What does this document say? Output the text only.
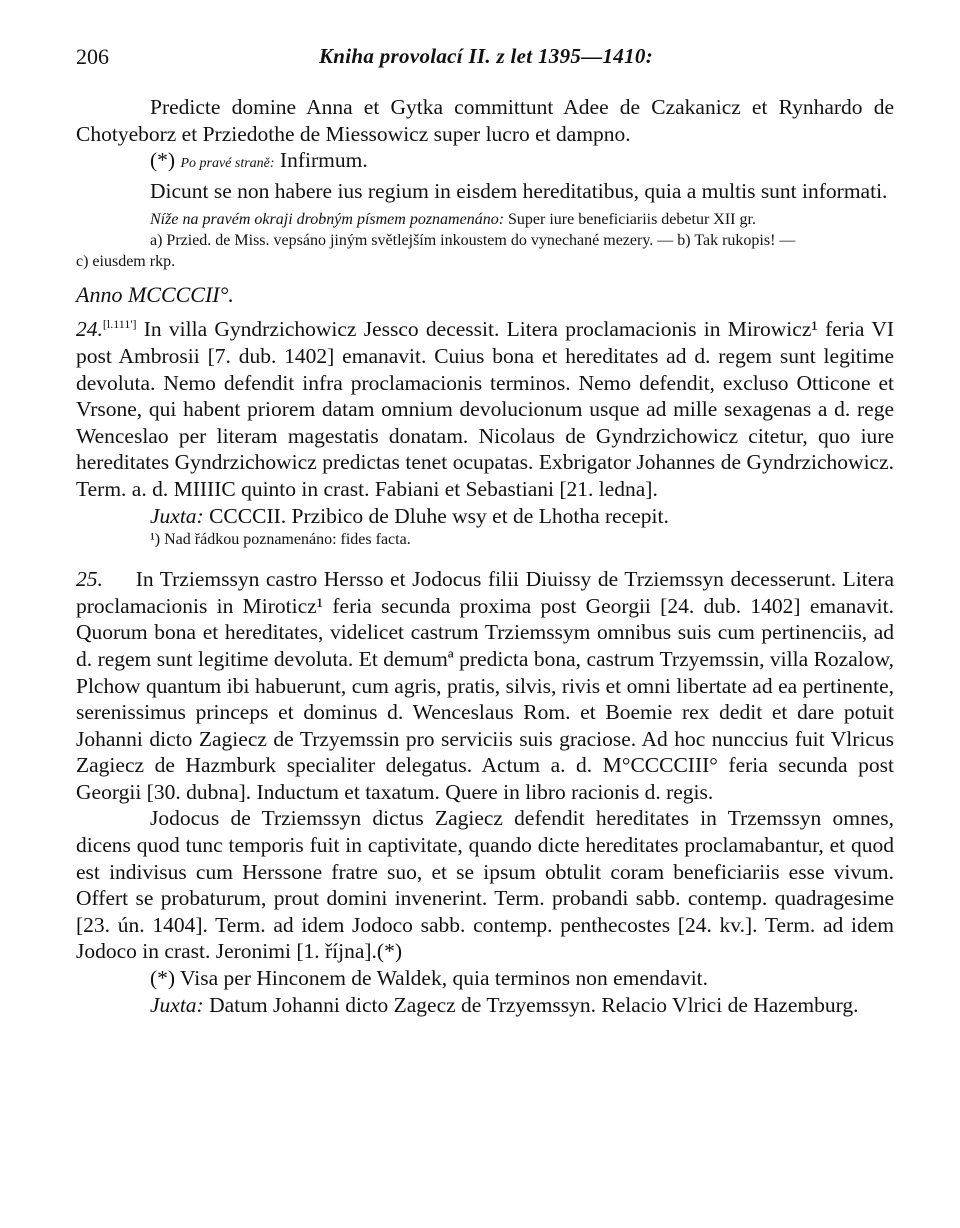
206	Kniha provolací II. z let 1395—1410:

Predicte domine Anna et Gytka committunt Adee de Czakanicz et Rynhardo de Chotyeborz et Prziedothe de Miessowicz super lucro et dampno.

(*) Po pravé straně: Infirmum.

Dicunt se non habere ius regium in eisdem hereditatibus, quia a multis sunt informati.

Níže na pravém okraji drobným písmem poznamenáno: Super iure beneficiariis debetur XII gr.

a) Przied. de Miss. vepsáno jiným světlejším inkoustem do vynechané mezery. — b) Tak rukopis! —

c) eiusdem rkp.

Anno MCCCCII°.

24.[l.111'] In villa Gyndrzichowicz Jessco decessit. Litera proclamacionis in Mirowicz¹ feria VI post Ambrosii [7. dub. 1402] emanavit. Cuius bona et hereditates ad d. regem sunt legitime devoluta. Nemo defendit infra proclamacionis terminos. Nemo defendit, excluso Otticone et Vrsone, qui habent priorem datam omnium devolucionum usque ad mille sexagenas a d. rege Wenceslao per literam magestatis donatam. Nicolaus de Gyndrzichowicz citetur, quo iure hereditates Gyndrzichowicz predictas tenet ocupatas. Exbrigator Johannes de Gyndrzichowicz. Term. a. d. MIIIIC quinto in crast. Fabiani et Sebastiani [21. ledna].

Juxta: CCCCII. Przibico de Dluhe wsy et de Lhotha recepit.

¹) Nad řádkou poznamenáno: fides facta.

25. In Trziemssyn castro Hersso et Jodocus filii Diuissy de Trziemssyn decesserunt. Litera proclamacionis in Miroticz¹ feria secunda proxima post Georgii [24. dub. 1402] emanavit. Quorum bona et hereditates, videlicet castrum Trziemssym omnibus suis cum pertinenciis, ad d. regem sunt legitime devoluta. Et demumª predicta bona, castrum Trzyemssin, villa Rozalow, Plchow quantum ibi habuerunt, cum agris, pratis, silvis, rivis et omni libertate ad ea pertinente, serenissimus princeps et dominus d. Wenceslaus Rom. et Boemie rex dedit et dare potuit Johanni dicto Zagiecz de Trzyemssin pro serviciis suis graciose. Ad hoc nunccius fuit Vlricus Zagiecz de Hazmburk specialiter delegatus. Actum a. d. M°CCCCIII° feria secunda post Georgii [30. dubna]. Inductum et taxatum. Quere in libro racionis d. regis.

Jodocus de Trziemssyn dictus Zagiecz defendit hereditates in Trzemssyn omnes, dicens quod tunc temporis fuit in captivitate, quando dicte hereditates proclamabantur, et quod est indivisus cum Herssone fratre suo, et se ipsum obtulit coram beneficiariis esse vivum. Offert se probaturum, prout domini invenerint. Term. probandi sabb. contemp. quadragesime [23. ún. 1404]. Term. ad idem Jodoco sabb. contemp. penthecostes [24. kv.]. Term. ad idem Jodoco in crast. Jeronimi [1. října].(*)

(*) Visa per Hinconem de Waldek, quia terminos non emendavit.

Juxta: Datum Johanni dicto Zagecz de Trzyemssyn. Relacio Vlrici de Hazemburg.
